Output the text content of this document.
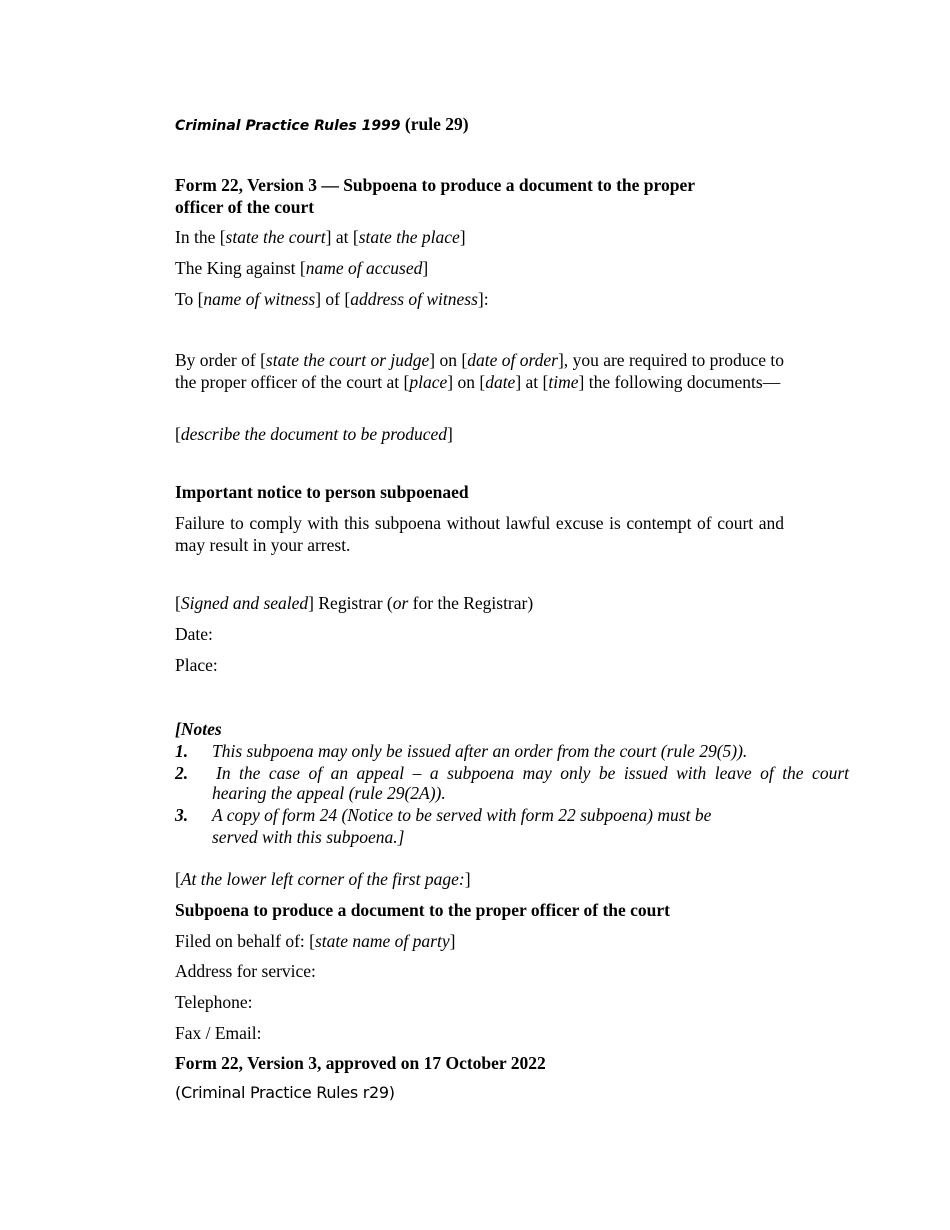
Criminal Practice Rules 1999 (rule 29)
Form 22, Version 3 — Subpoena to produce a document to the proper
officer of the court
In the [state the court] at [state the place]
The King against [name of accused]
To [name of witness] of [address of witness]:
By order of [state the court or judge] on [date of order], you are required to produce to the proper officer of the court at [place] on [date] at [time] the following documents—
[describe the document to be produced]
Important notice to person subpoenaed
Failure to comply with this subpoena without lawful excuse is contempt of court and may result in your arrest.
[Signed and sealed] Registrar (or for the Registrar)
Date:
Place:
[Notes
1. This subpoena may only be issued after an order from the court (rule 29(5)).
2. In the case of an appeal – a subpoena may only be issued with leave of the court
hearing the appeal (rule 29(2A)).
3. A copy of form 24 (Notice to be served with form 22 subpoena) must be
served with this subpoena.]
[At the lower left corner of the first page:]
Subpoena to produce a document to the proper officer of the court
Filed on behalf of: [state name of party]
Address for service:
Telephone:
Fax / Email:
Form 22, Version 3, approved on 17 October 2022
(Criminal Practice Rules r29)
